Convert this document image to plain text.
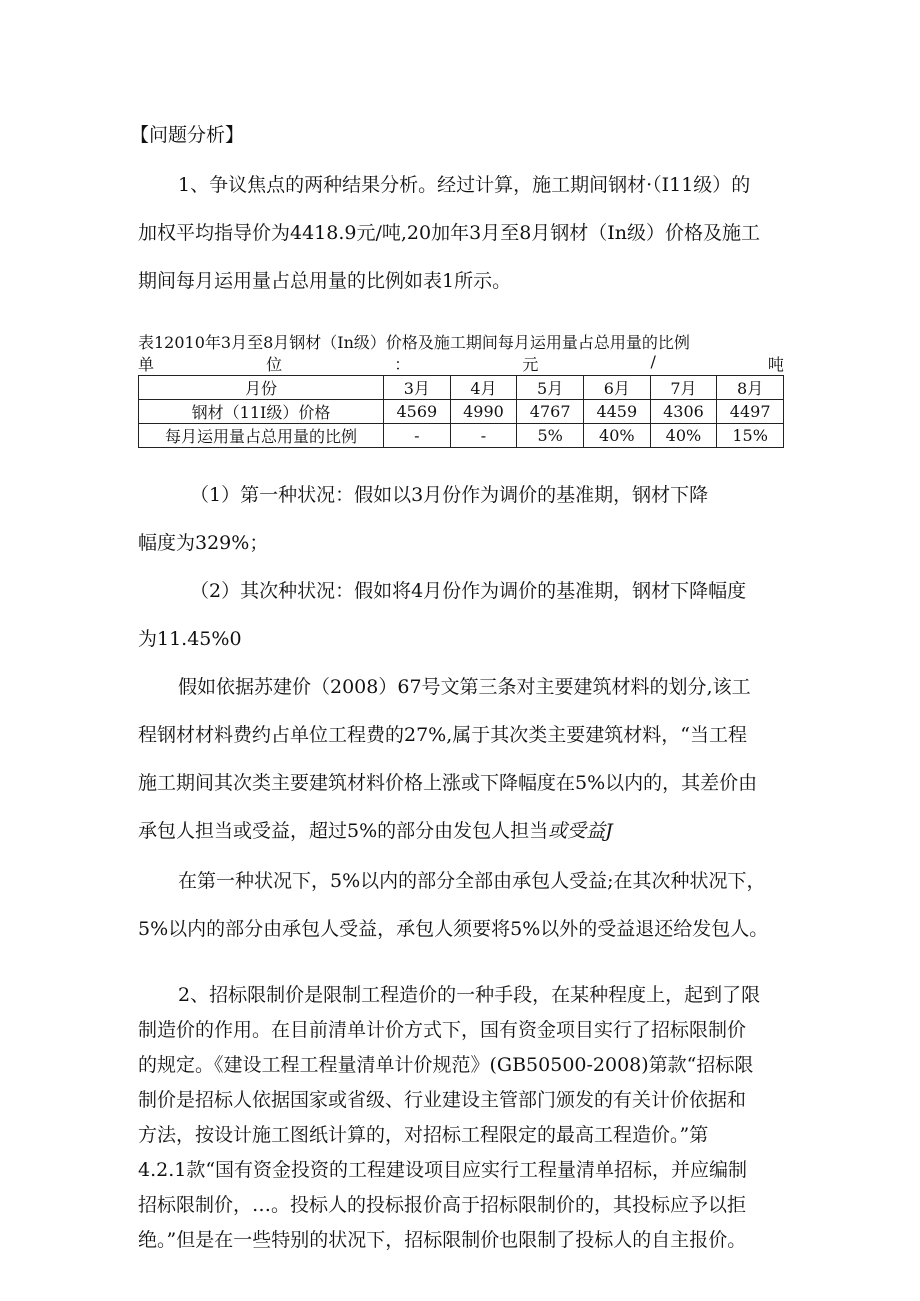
【问题分析】
1、争议焦点的两种结果分析。经过计算，施工期间钢材·（I11级）的
加权平均指导价为4418.9元/吨,20加年3月至8月钢材（In级）价格及施工
期间每月运用量占总用量的比例如表1所示。
表12010年3月至8月钢材（In级）价格及施工期间每月运用量占总用量的比例
单	位	：	元	/	吨
月份	3月	4月	5月	6月	7月	8月
钢材（11I级）价格	4569	4990	4767	4459	4306	4497
每月运用量占总用量的比例	-	-	5%	40%	40%	15%
（1）第一种状况：假如以3月份作为调价的基准期，钢材下降
幅度为329%；
（2）其次种状况：假如将4月份作为调价的基准期，钢材下降幅度
为11.45%0
假如依据苏建价（2008）67号文第三条对主要建筑材料的划分,该工
程钢材材料费约占单位工程费的27%,属于其次类主要建筑材料，“当工程
施工期间其次类主要建筑材料价格上涨或下降幅度在5%以内的，其差价由
承包人担当或受益，超过5%的部分由发包人担当或受益J
在第一种状况下，5%以内的部分全部由承包人受益;在其次种状况下，
5%以内的部分由承包人受益，承包人须要将5%以外的受益退还给发包人。
2、招标限制价是限制工程造价的一种手段，在某种程度上，起到了限
制造价的作用。在目前清单计价方式下，国有资金项目实行了招标限制价
的规定。《建设工程工程量清单计价规范》(GB50500-2008)第款“招标限
制价是招标人依据国家或省级、行业建设主管部门颁发的有关计价依据和
方法，按设计施工图纸计算的，对招标工程限定的最高工程造价。”第
4.2.1款“国有资金投资的工程建设项目应实行工程量清单招标，并应编制
招标限制价，…。投标人的投标报价高于招标限制价的，其投标应予以拒
绝。”但是在一些特别的状况下，招标限制价也限制了投标人的自主报价。
